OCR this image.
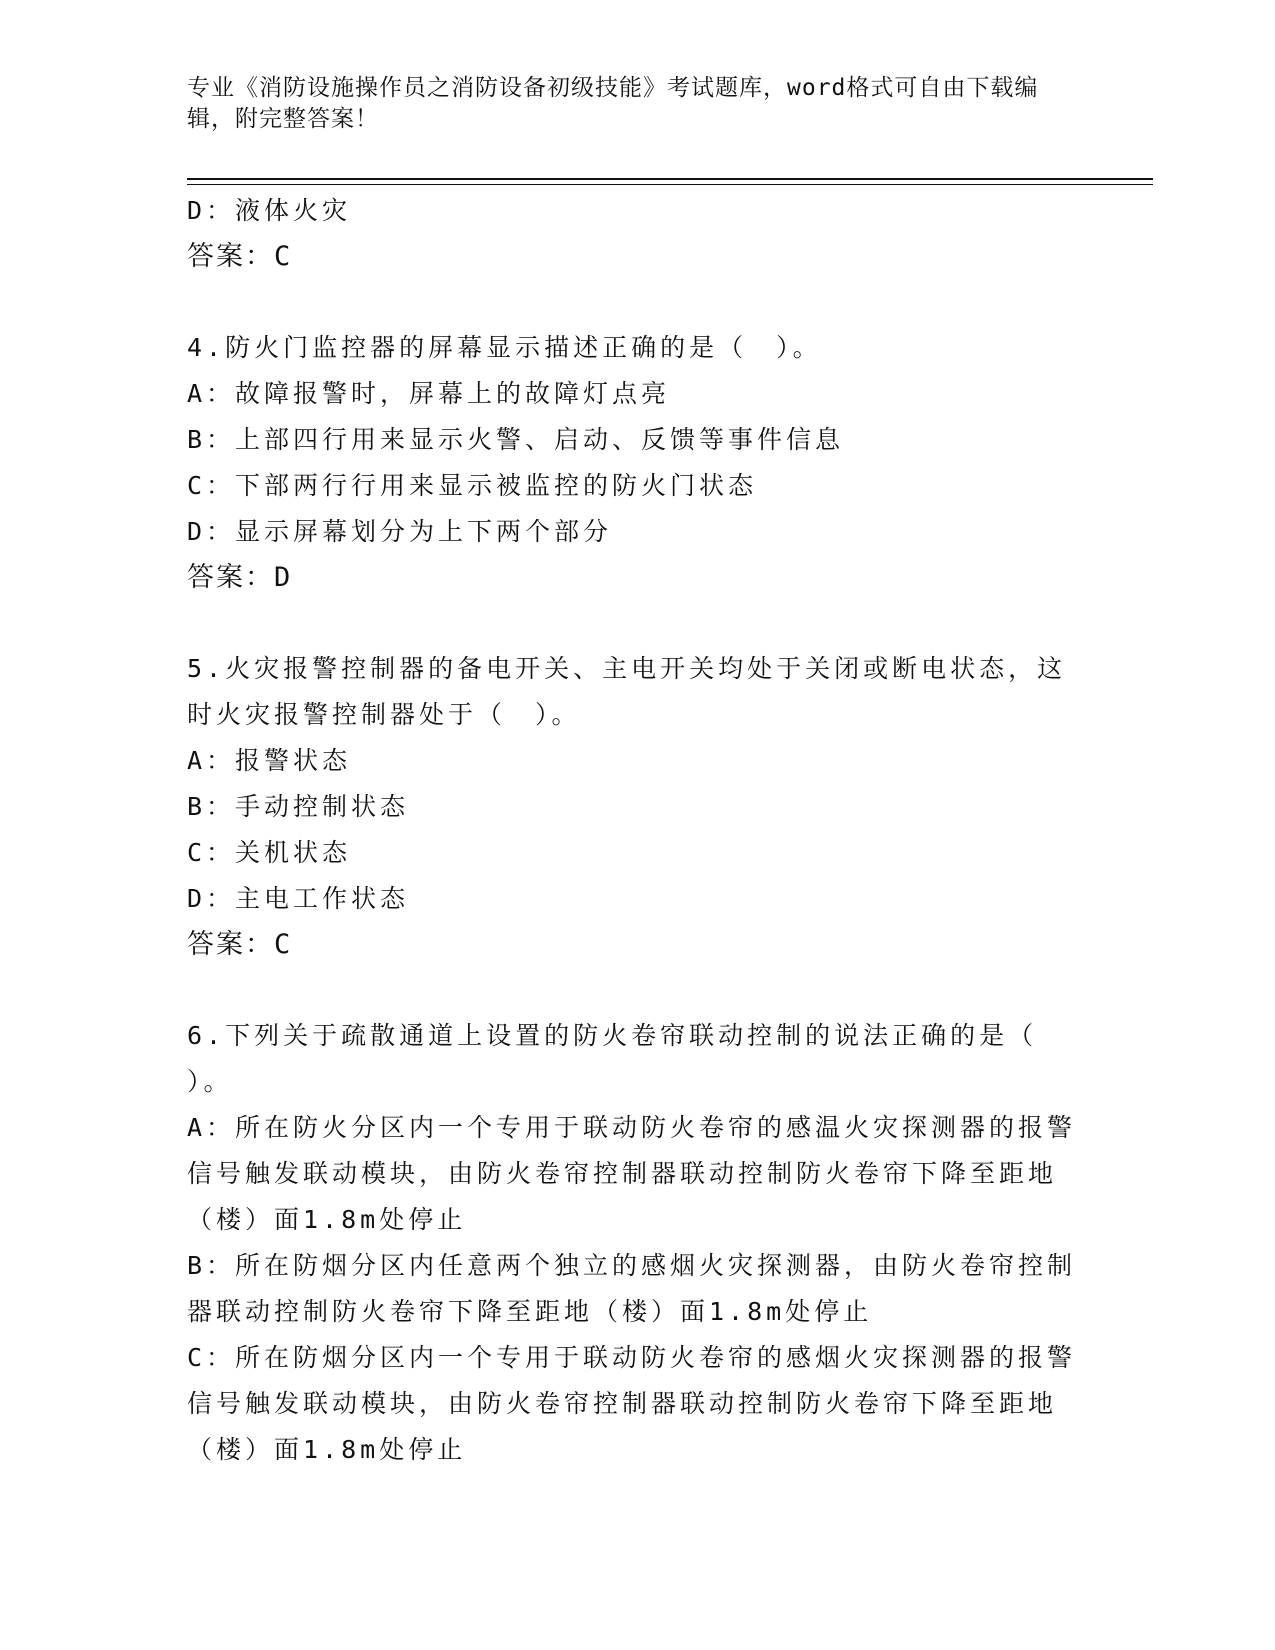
专业《消防设施操作员之消防设备初级技能》考试题库，word格式可自由下载编
辑，附完整答案！
D：液体火灾
答案：C
4.防火门监控器的屏幕显示描述正确的是（　）。
A：故障报警时，屏幕上的故障灯点亮
B：上部四行用来显示火警、启动、反馈等事件信息
C：下部两行行用来显示被监控的防火门状态
D：显示屏幕划分为上下两个部分
答案：D
5.火灾报警控制器的备电开关、主电开关均处于关闭或断电状态，这
时火灾报警控制器处于（　）。
A：报警状态
B：手动控制状态
C：关机状态
D：主电工作状态
答案：C
6.下列关于疏散通道上设置的防火卷帘联动控制的说法正确的是（
）。
A：所在防火分区内一个专用于联动防火卷帘的感温火灾探测器的报警
信号触发联动模块，由防火卷帘控制器联动控制防火卷帘下降至距地
（楼）面1.8m处停止
B：所在防烟分区内任意两个独立的感烟火灾探测器，由防火卷帘控制
器联动控制防火卷帘下降至距地（楼）面1.8m处停止
C：所在防烟分区内一个专用于联动防火卷帘的感烟火灾探测器的报警
信号触发联动模块，由防火卷帘控制器联动控制防火卷帘下降至距地
（楼）面1.8m处停止
